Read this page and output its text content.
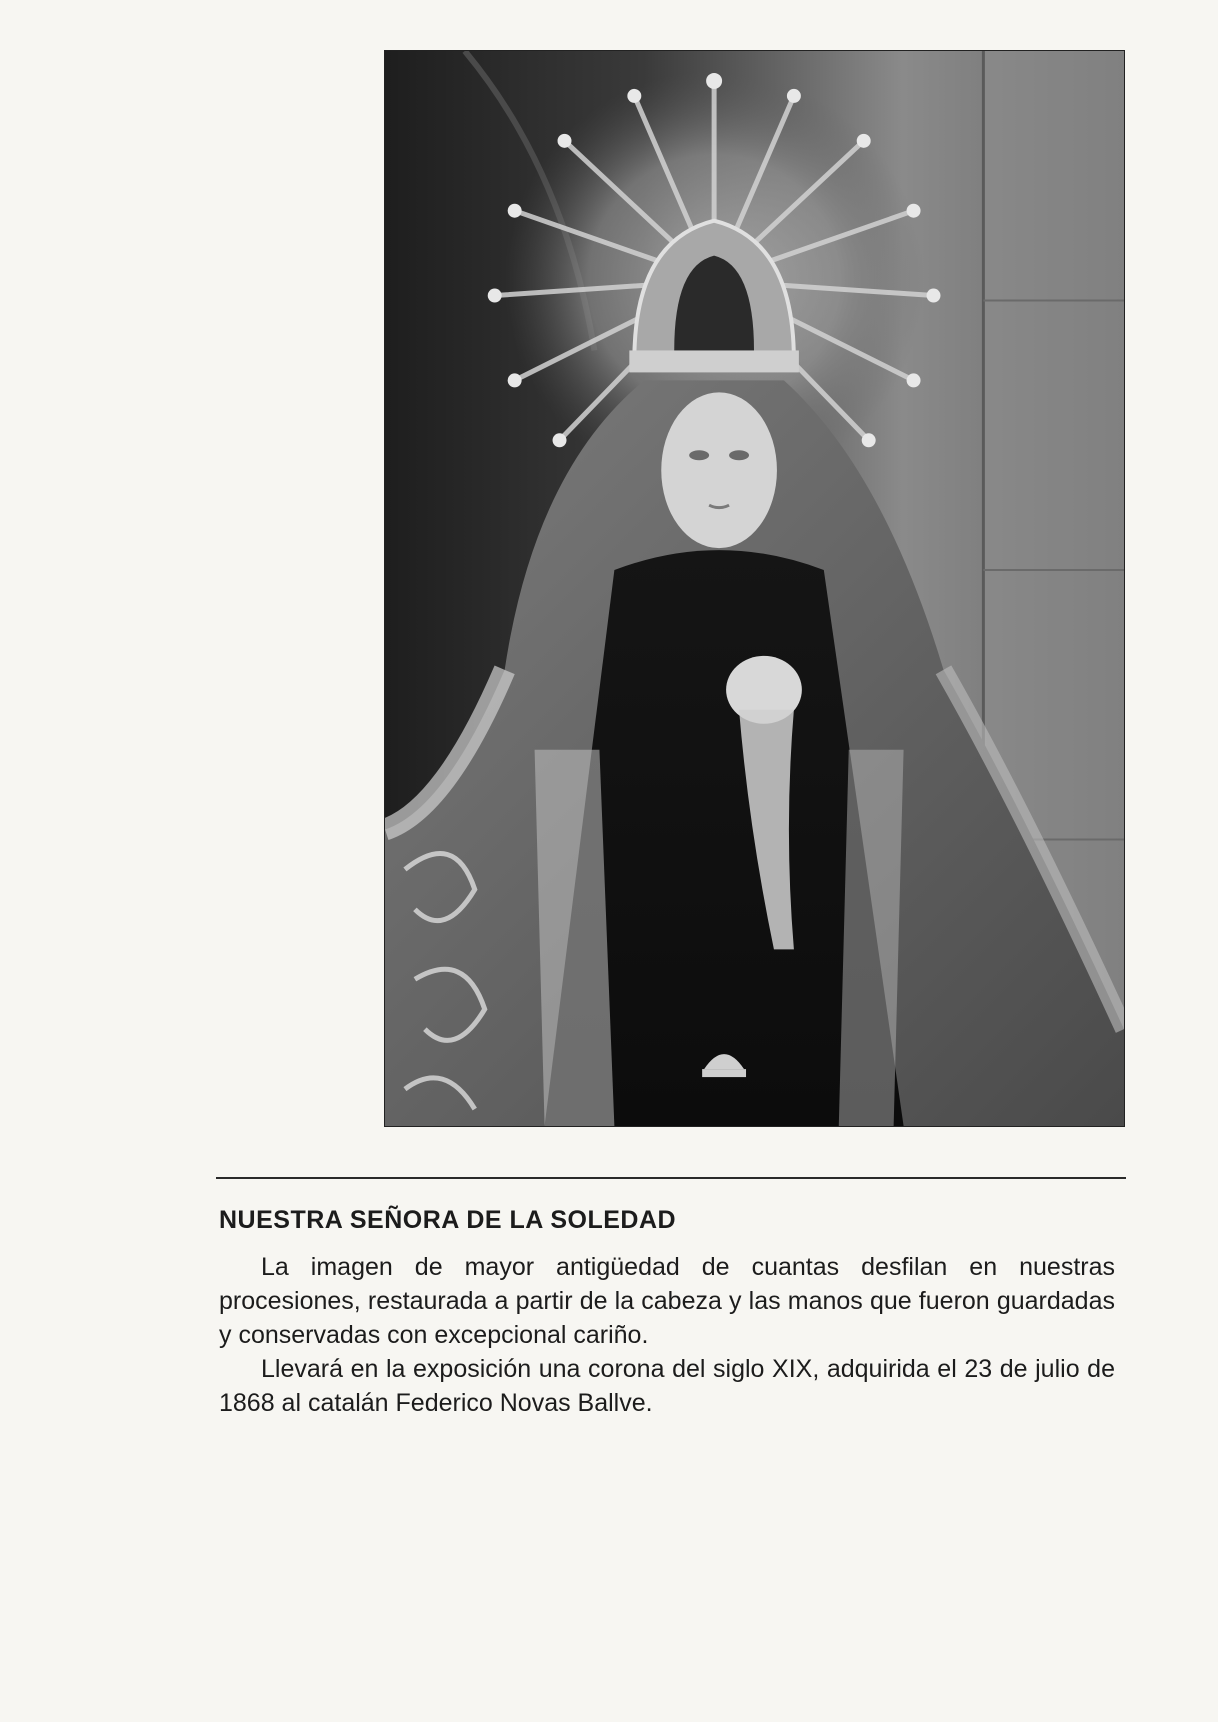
NUESTRA SEÑORA DE LA SOLEDAD

La imagen de mayor antigüedad de cuantas desfilan en nuestras procesiones, restaurada a partir de la cabeza y las manos que fueron guardadas y conservadas con excepcional cariño.

Llevará en la exposición una corona del siglo XIX, adquirida el 23 de julio de 1868 al catalán Federico Novas Ballve.
